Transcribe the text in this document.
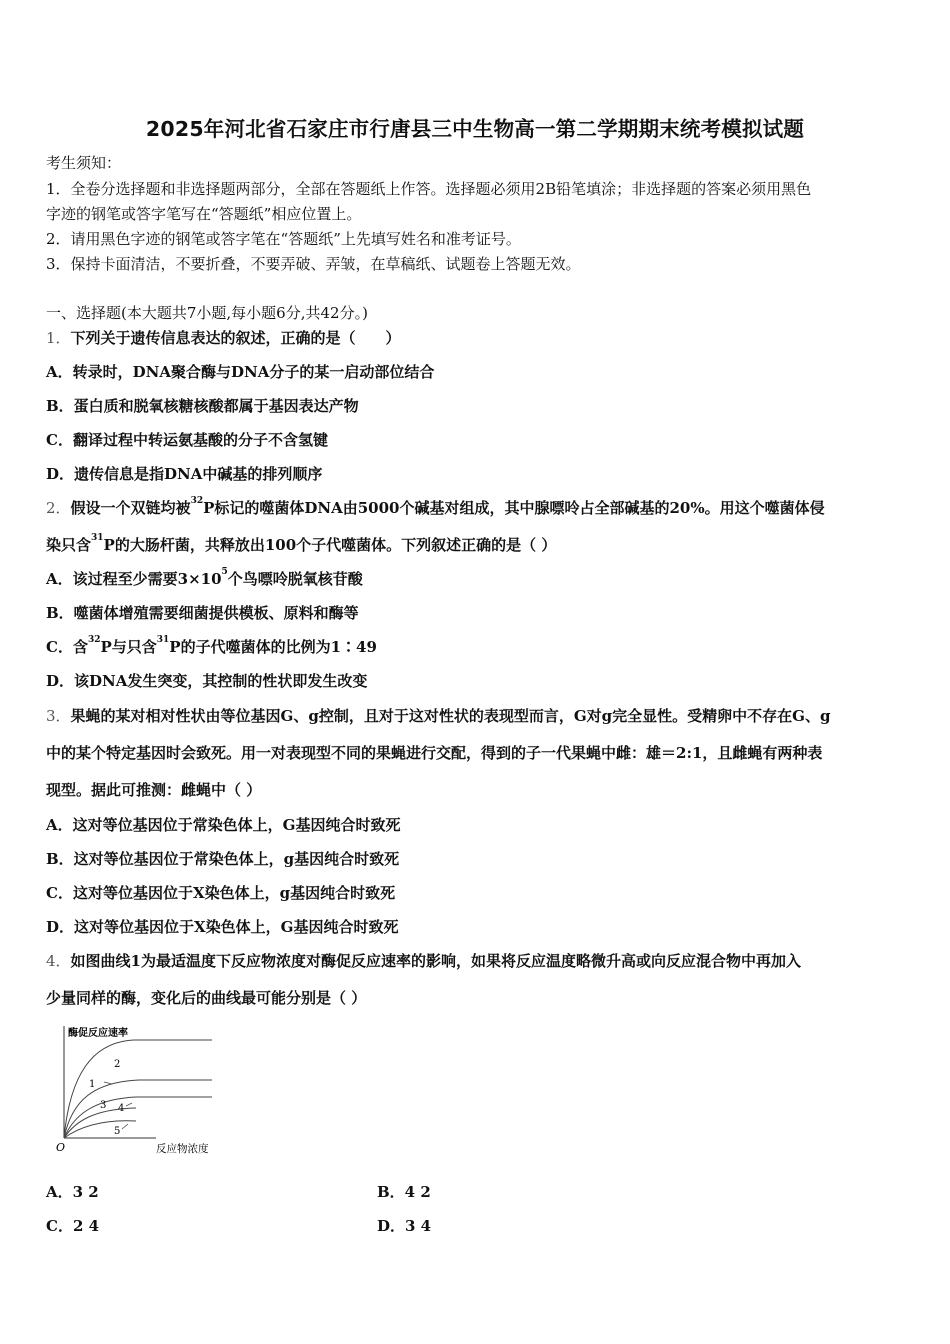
2025年河北省石家庄市行唐县三中生物高一第二学期期末统考模拟试题
考生须知：
1．全卷分选择题和非选择题两部分，全部在答题纸上作答。选择题必须用2B铅笔填涂；非选择题的答案必须用黑色
字迹的钢笔或答字笔写在“答题纸”相应位置上。
2．请用黑色字迹的钢笔或答字笔在“答题纸”上先填写姓名和准考证号。
3．保持卡面清洁，不要折叠，不要弄破、弄皱，在草稿纸、试题卷上答题无效。
一、选择题(本大题共7小题,每小题6分,共42分。)
1．下列关于遗传信息表达的叙述，正确的是（　　）
A．转录时，DNA聚合酶与DNA分子的某一启动部位结合
B．蛋白质和脱氧核糖核酸都属于基因表达产物
C．翻译过程中转运氨基酸的分子不含氢键
D．遗传信息是指DNA中碱基的排列顺序
2．假设一个双链均被$^{32}$P标记的噬菌体DNA由5000个碱基对组成，其中腺嘌呤占全部碱基的20%。用这个噬菌体侵
染只含$^{31}$P的大肠杆菌，共释放出100个子代噬菌体。下列叙述正确的是（ ）
A．该过程至少需要$3\times 10^5$个鸟嘌呤脱氧核苷酸
B．噬菌体增殖需要细菌提供模板、原料和酶等
C．含$^{32}$P与只含$^{31}$P的子代噬菌体的比例为1∶49
D．该DNA发生突变，其控制的性状即发生改变
3．果蝇的某对相对性状由等位基因G、g控制，且对于这对性状的表现型而言，G对g完全显性。受精卵中不存在G、g
中的某个特定基因时会致死。用一对表现型不同的果蝇进行交配，得到的子一代果蝇中雌：雄＝2:1，且雌蝇有两种表
现型。据此可推测：雌蝇中（ ）
A．这对等位基因位于常染色体上，G基因纯合时致死
B．这对等位基因位于常染色体上，g基因纯合时致死
C．这对等位基因位于X染色体上，g基因纯合时致死
D．这对等位基因位于X染色体上，G基因纯合时致死
4．如图曲线1为最适温度下反应物浓度对酶促反应速率的影响，如果将反应温度略微升高或向反应混合物中再加入
少量同样的酶，变化后的曲线最可能分别是（ ）
酶促反应速率
反应物浓度
O
2
1
3 4
5
A．3 2	B．4 2
C．2 4	D．3 4
